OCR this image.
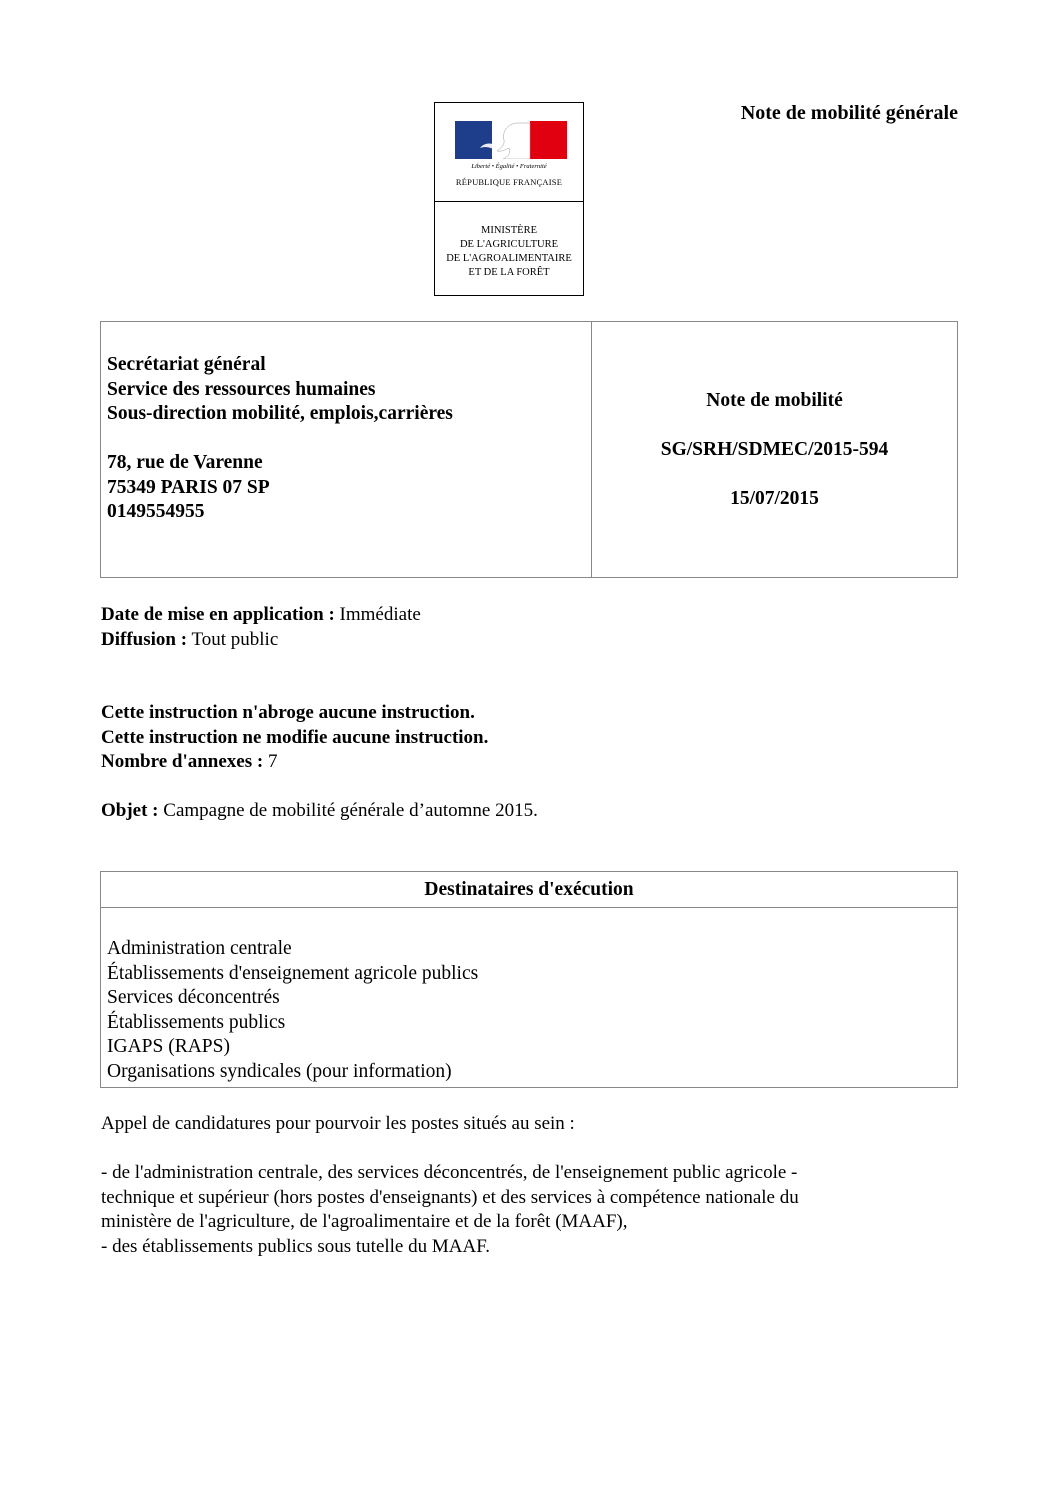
Note de mobilité générale
Liberté • Égalité • Fraternité
RÉPUBLIQUE FRANÇAISE
MINISTÈRE
DE L'AGRICULTURE
DE L'AGROALIMENTAIRE
ET DE LA FORÊT
Secrétariat général
Service des ressources humaines
Sous-direction mobilité, emplois,carrières
78, rue de Varenne
75349 PARIS 07 SP
0149554955
Note de mobilité
SG/SRH/SDMEC/2015-594
15/07/2015
Date de mise en application : Immédiate
Diffusion : Tout public
Cette instruction n'abroge aucune instruction.
Cette instruction ne modifie aucune instruction.
Nombre d'annexes : 7
Objet : Campagne de mobilité générale d’automne 2015.
Destinataires d'exécution
Administration centrale
Établissements d'enseignement agricole publics
Services déconcentrés
Établissements publics
IGAPS (RAPS)
Organisations syndicales (pour information)
Appel de candidatures pour pourvoir les postes situés au sein :
- de l'administration centrale, des services déconcentrés, de l'enseignement public agricole -
technique et supérieur (hors postes d'enseignants) et des services à compétence nationale du
ministère de l'agriculture, de l'agroalimentaire et de la forêt (MAAF),
- des établissements publics sous tutelle du MAAF.
